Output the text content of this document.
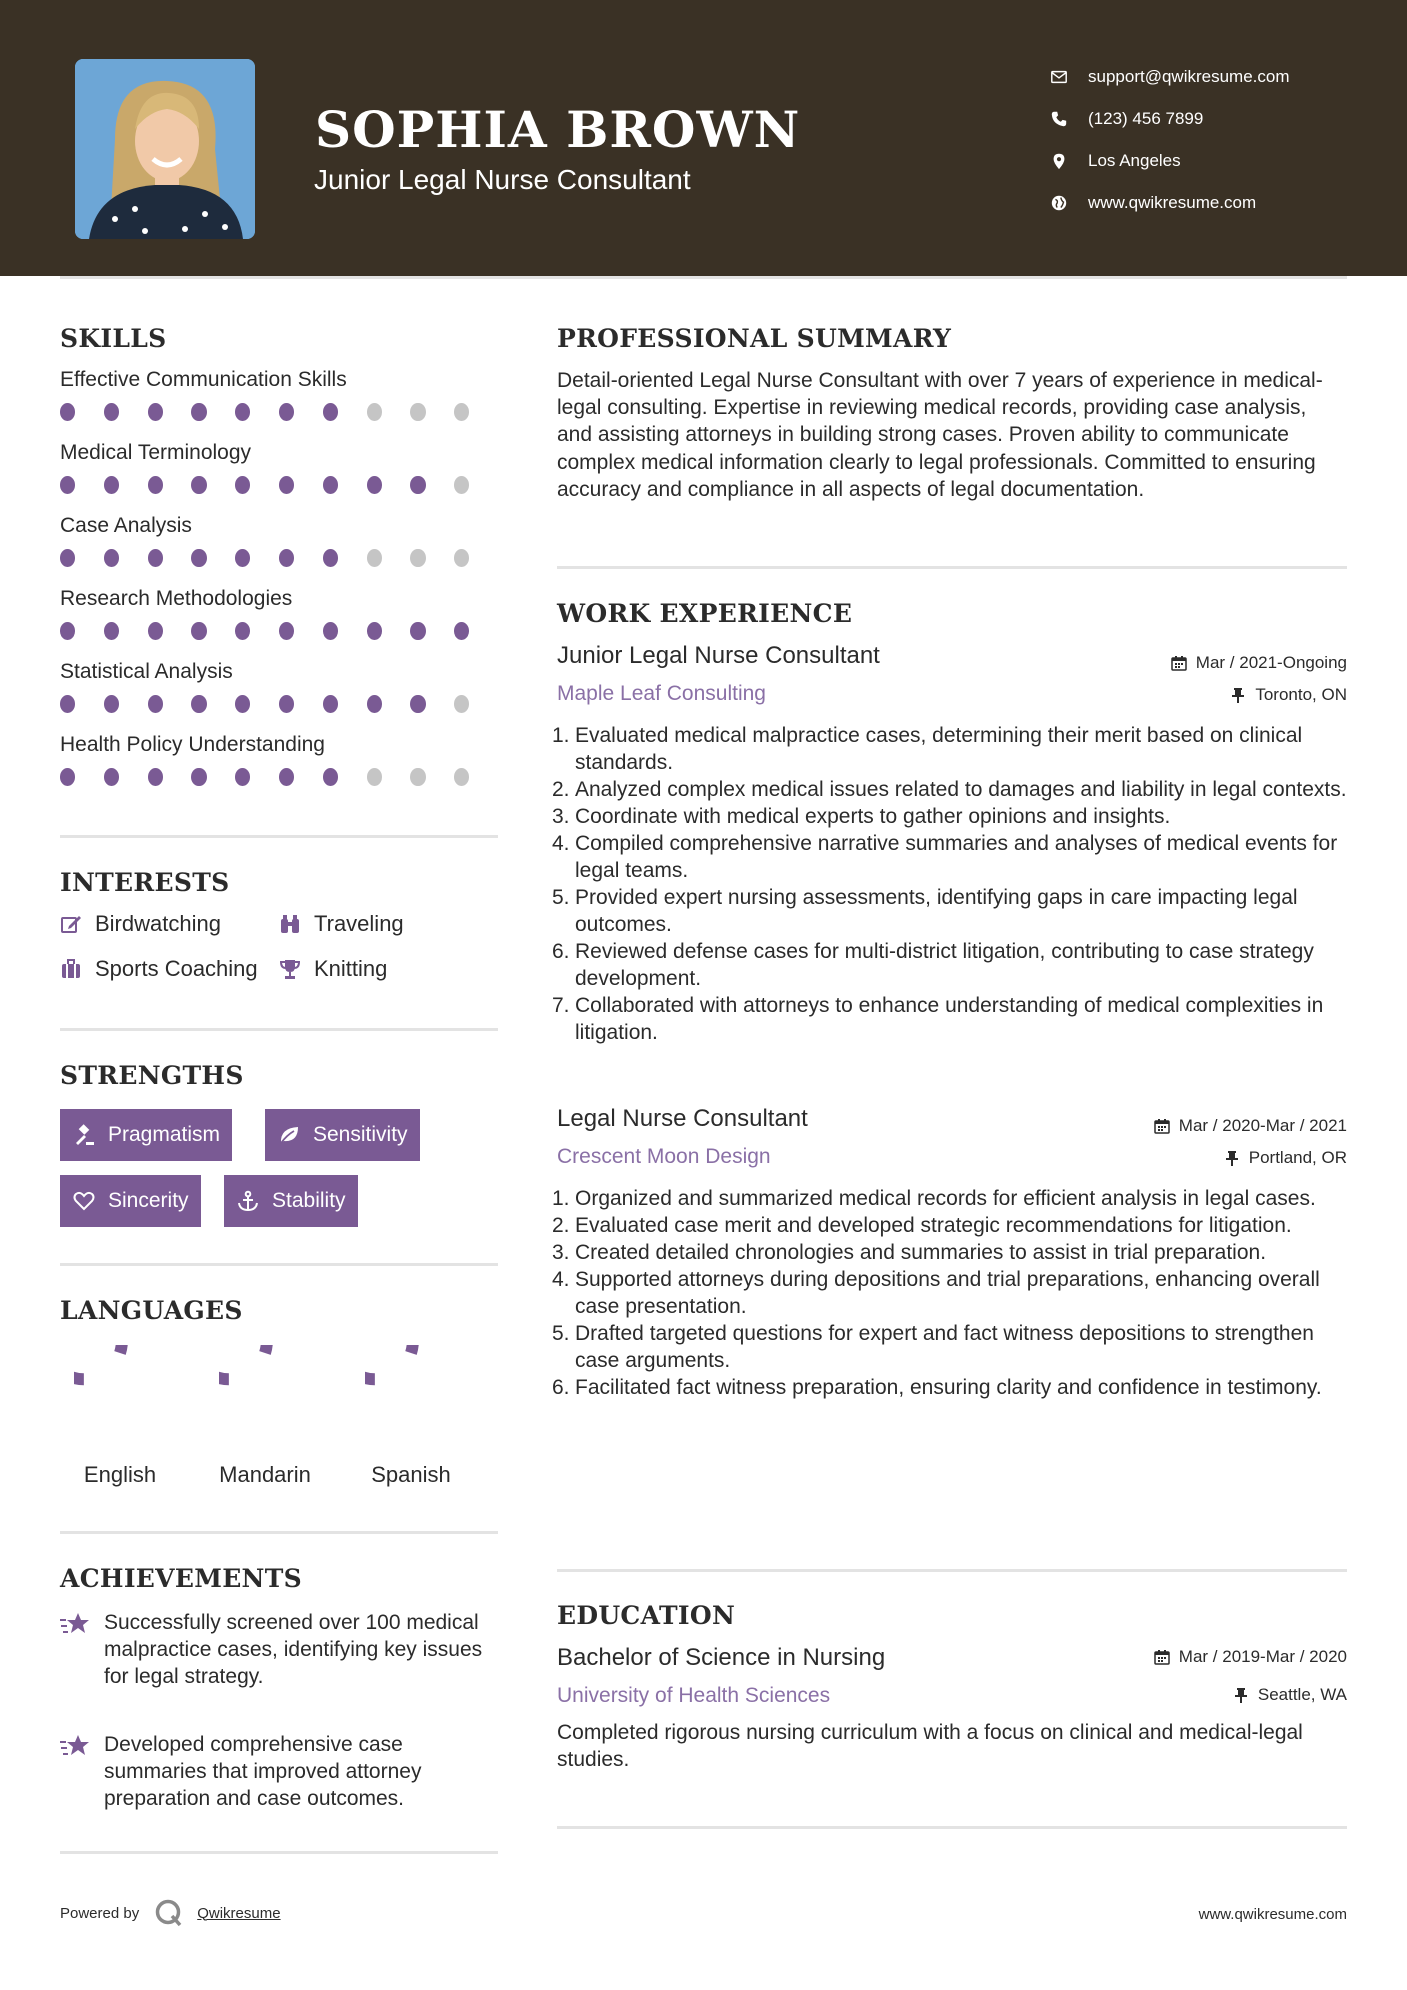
SOPHIA BROWN
Junior Legal Nurse Consultant
support@qwikresume.com
(123) 456 7899
Los Angeles
www.qwikresume.com
SKILLS
Effective Communication Skills
Medical Terminology
Case Analysis
Research Methodologies
Statistical Analysis
Health Policy Understanding
INTERESTS
Birdwatching	Traveling
Sports Coaching	Knitting
STRENGTHS
Pragmatism	Sensitivity
Sincerity	Stability
LANGUAGES
English	Mandarin	Spanish
ACHIEVEMENTS
Successfully screened over 100 medical malpractice cases, identifying key issues for legal strategy.
Developed comprehensive case summaries that improved attorney preparation and case outcomes.
PROFESSIONAL SUMMARY
Detail-oriented Legal Nurse Consultant with over 7 years of experience in medical-legal consulting. Expertise in reviewing medical records, providing case analysis, and assisting attorneys in building strong cases. Proven ability to communicate complex medical information clearly to legal professionals. Committed to ensuring accuracy and compliance in all aspects of legal documentation.
WORK EXPERIENCE
Junior Legal Nurse Consultant	Mar / 2021-Ongoing
Maple Leaf Consulting	Toronto, ON
1. Evaluated medical malpractice cases, determining their merit based on clinical standards.
2. Analyzed complex medical issues related to damages and liability in legal contexts.
3. Coordinate with medical experts to gather opinions and insights.
4. Compiled comprehensive narrative summaries and analyses of medical events for legal teams.
5. Provided expert nursing assessments, identifying gaps in care impacting legal outcomes.
6. Reviewed defense cases for multi-district litigation, contributing to case strategy development.
7. Collaborated with attorneys to enhance understanding of medical complexities in litigation.
Legal Nurse Consultant	Mar / 2020-Mar / 2021
Crescent Moon Design	Portland, OR
1. Organized and summarized medical records for efficient analysis in legal cases.
2. Evaluated case merit and developed strategic recommendations for litigation.
3. Created detailed chronologies and summaries to assist in trial preparation.
4. Supported attorneys during depositions and trial preparations, enhancing overall case presentation.
5. Drafted targeted questions for expert and fact witness depositions to strengthen case arguments.
6. Facilitated fact witness preparation, ensuring clarity and confidence in testimony.
EDUCATION
Bachelor of Science in Nursing	Mar / 2019-Mar / 2020
University of Health Sciences	Seattle, WA
Completed rigorous nursing curriculum with a focus on clinical and medical-legal studies.
Powered by	Qwikresume	www.qwikresume.com
